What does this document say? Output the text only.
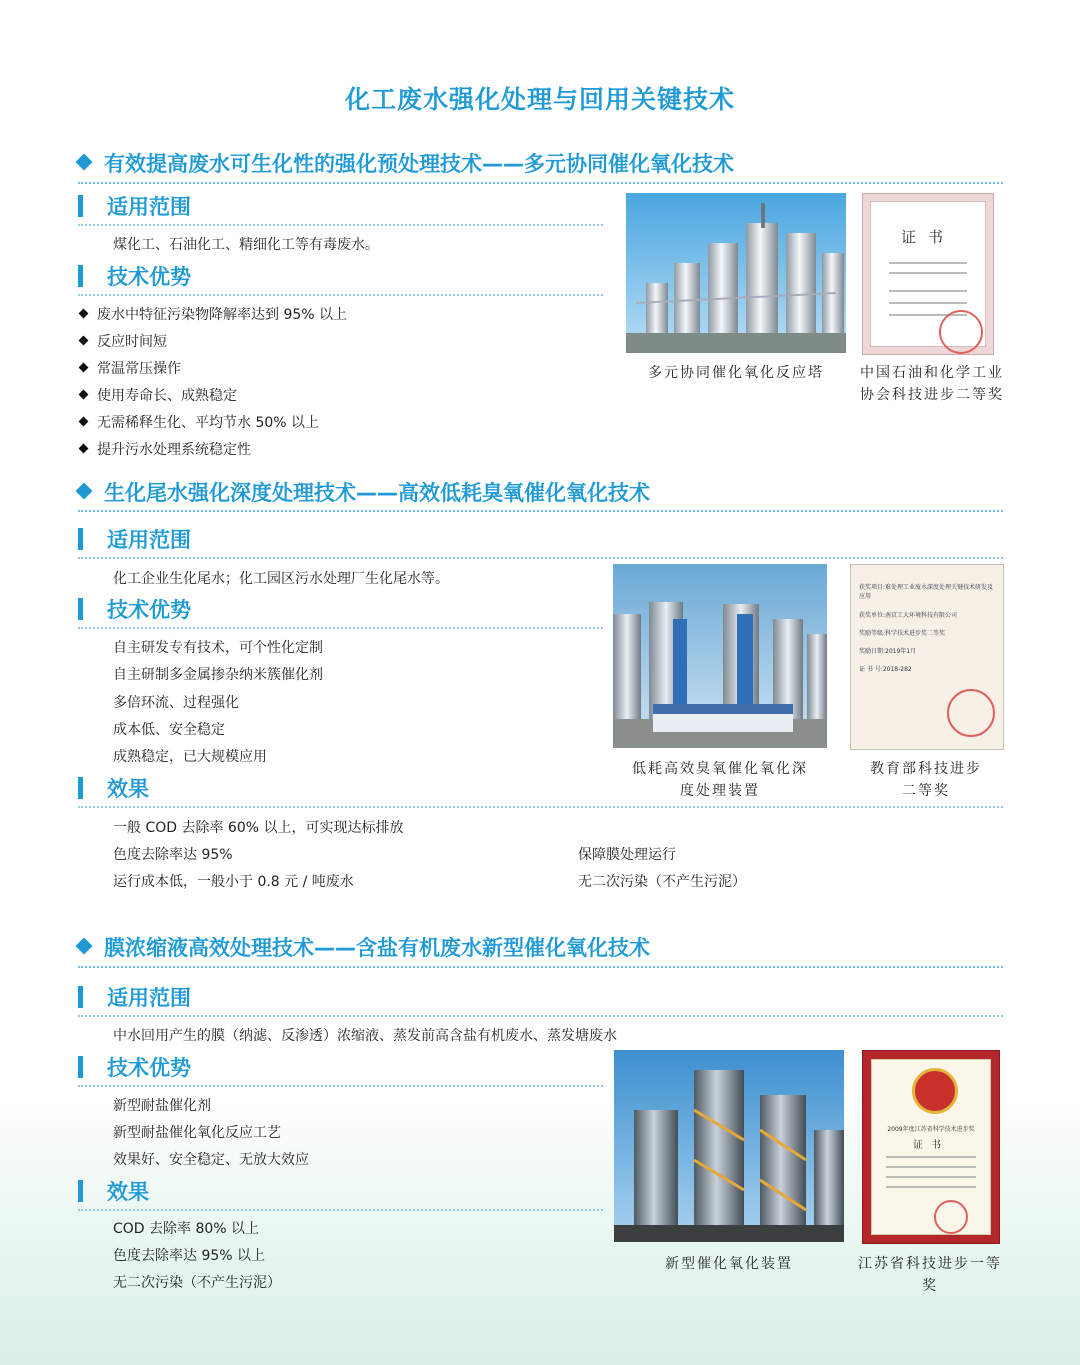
化工废水强化处理与回用关键技术
有效提高废水可生化性的强化预处理技术——多元协同催化氧化技术
适用范围
煤化工、石油化工、精细化工等有毒废水。
技术优势
废水中特征污染物降解率达到 95% 以上
反应时间短
常温常压操作
使用寿命长、成熟稳定
无需稀释生化、平均节水 50% 以上
提升污水处理系统稳定性
多元协同催化氧化反应塔
证书
中国石油和化学工业协会科技进步二等奖
生化尾水强化深度处理技术——高效低耗臭氧催化氧化技术
适用范围
化工企业生化尾水；化工园区污水处理厂生化尾水等。
技术优势
自主研发专有技术，可个性化定制
自主研制多金属掺杂纳米簇催化剂
多倍环流、过程强化
成本低、安全稳定
成熟稳定，已大规模应用
效果
一般 COD 去除率 60% 以上，可实现达标排放
色度去除率达 95%
运行成本低，一般小于 0.8 元 / 吨废水
保障膜处理运行
无二次污染（不产生污泥）
低耗高效臭氧催化氧化深度处理装置
获奖项目:难处理工业废水深度处理关键技术研发及应用
获奖单位:南京工大环境科技有限公司
奖励等级:科学技术进步奖二等奖
奖励日期:2019年1月
证 书 号:2018-282
教育部科技进步二等奖
膜浓缩液高效处理技术——含盐有机废水新型催化氧化技术
适用范围
中水回用产生的膜（纳滤、反渗透）浓缩液、蒸发前高含盐有机废水、蒸发塘废水
技术优势
新型耐盐催化剂
新型耐盐催化氧化反应工艺
效果好、安全稳定、无放大效应
效果
COD 去除率 80% 以上
色度去除率达 95% 以上
无二次污染（不产生污泥）
新型催化氧化装置
2009年度江苏省科学技术进步奖
证书
江苏省科技进步一等奖
